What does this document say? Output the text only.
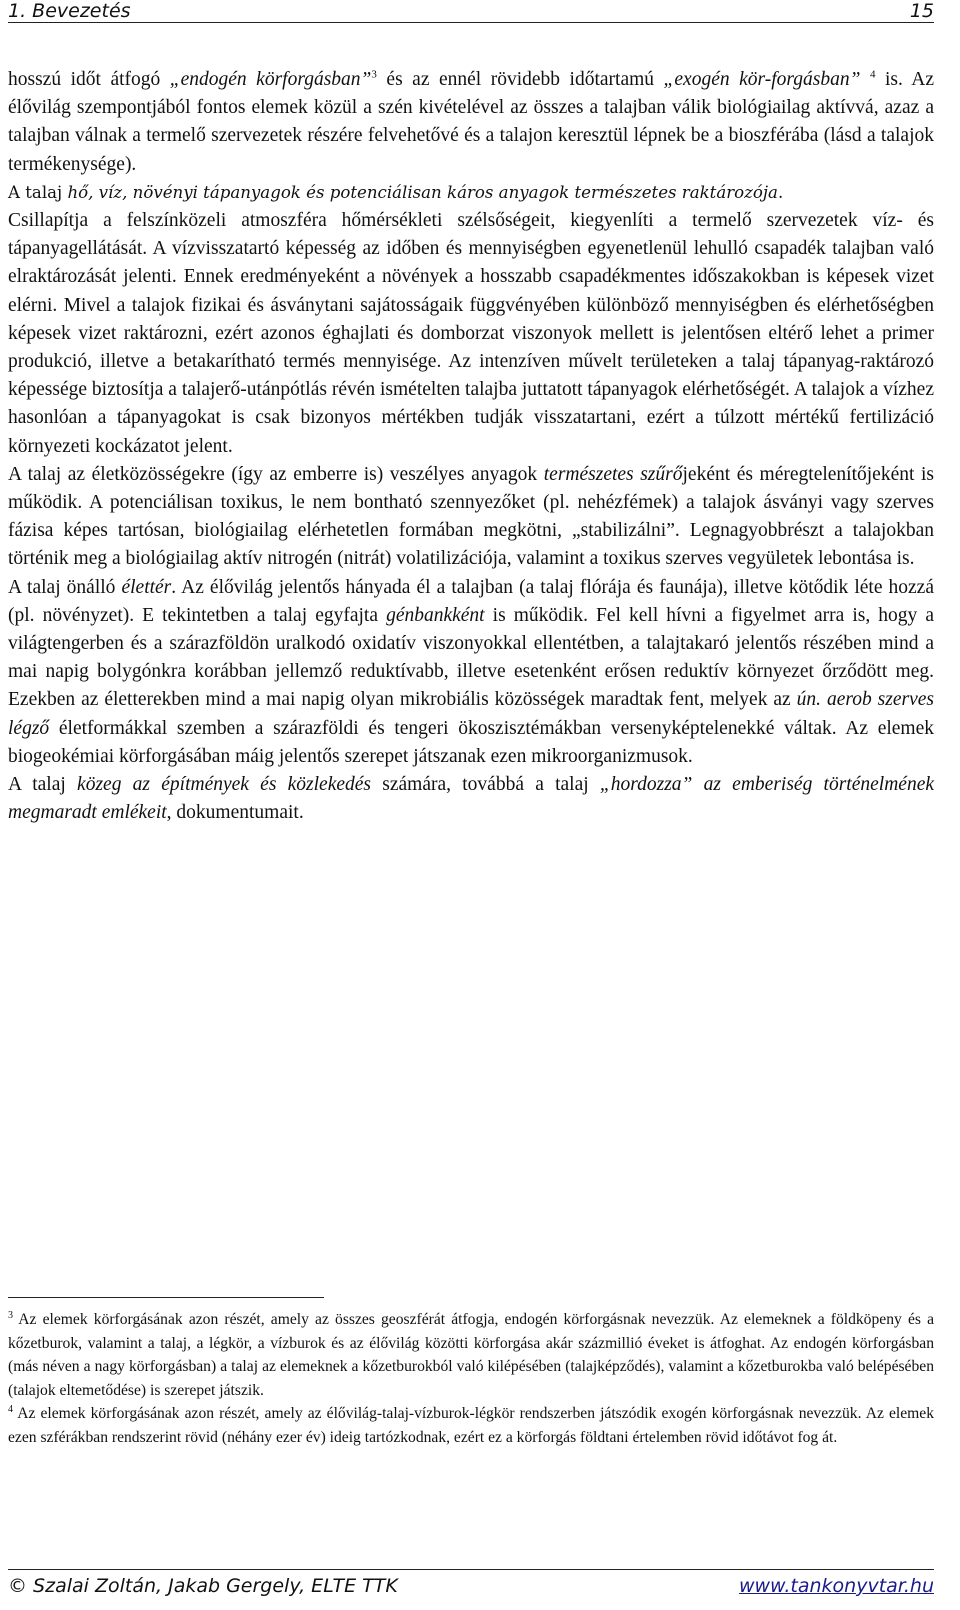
1. Bevezetés	15

hosszú időt átfogó „endogén körforgásban”$^3$ és az ennél rövidebb időtartamú „exogén kör-forgásban” $^4$ is. Az élővilág szempontjából fontos elemek közül a szén kivételével az összes a talajban válik biológiailag aktívvá, azaz a talajban válnak a termelő szervezetek részére felvehetővé és a talajon keresztül lépnek be a bioszférába (lásd a talajok termékenysége).

A talaj hő, víz, növényi tápanyagok és potenciálisan káros anyagok természetes raktározója.

Csillapítja a felszínközeli atmoszféra hőmérsékleti szélsőségeit, kiegyenlíti a termelő szervezetek víz- és tápanyagellátását. A vízvisszatartó képesség az időben és mennyiségben egyenetlenül lehulló csapadék talajban való elraktározását jelenti. Ennek eredményeként a növények a hosszabb csapadékmentes időszakokban is képesek vizet elérni. Mivel a talajok fizikai és ásványtani sajátosságaik függvényében különböző mennyiségben és elérhetőségben képesek vizet raktározni, ezért azonos éghajlati és domborzat viszonyok mellett is jelentősen eltérő lehet a primer produkció, illetve a betakarítható termés mennyisége. Az intenzíven művelt területeken a talaj tápanyag-raktározó képessége biztosítja a talajerő-utánpótlás révén ismételten talajba juttatott tápanyagok elérhetőségét. A talajok a vízhez hasonlóan a tápanyagokat is csak bizonyos mértékben tudják visszatartani, ezért a túlzott mértékű fertilizáció környezeti kockázatot jelent.

A talaj az életközösségekre (így az emberre is) veszélyes anyagok természetes szűrőjeként és méregtelenítőjeként is működik. A potenciálisan toxikus, le nem bontható szennyezőket (pl. nehézfémek) a talajok ásványi vagy szerves fázisa képes tartósan, biológiailag elérhetetlen formában megkötni, „stabilizálni”. Legnagyobbrészt a talajokban történik meg a biológiailag aktív nitrogén (nitrát) volatilizációja, valamint a toxikus szerves vegyületek lebontása is.

A talaj önálló élettér. Az élővilág jelentős hányada él a talajban (a talaj flórája és faunája), illetve kötődik léte hozzá (pl. növényzet). E tekintetben a talaj egyfajta génbankként is működik. Fel kell hívni a figyelmet arra is, hogy a világtengerben és a szárazföldön uralkodó oxidatív viszonyokkal ellentétben, a talajtakaró jelentős részében mind a mai napig bolygónkra korábban jellemző reduktívabb, illetve esetenként erősen reduktív környezet őrződött meg. Ezekben az életterekben mind a mai napig olyan mikrobiális közösségek maradtak fent, melyek az ún. aerob szerves légző életformákkal szemben a szárazföldi és tengeri ökoszisztémákban versenyképtelenekké váltak. Az elemek biogeokémiai körforgásában máig jelentős szerepet játszanak ezen mikroorganizmusok.

A talaj közeg az építmények és közlekedés számára, továbbá a talaj „hordozza” az emberiség történelmének megmaradt emlékeit, dokumentumait.

$^3$ Az elemek körforgásának azon részét, amely az összes geoszférát átfogja, endogén körforgásnak nevezzük. Az elemeknek a földköpeny és a kőzetburok, valamint a talaj, a légkör, a vízburok és az élővilág közötti körforgása akár százmillió éveket is átfoghat. Az endogén körforgásban (más néven a nagy körforgásban) a talaj az elemeknek a kőzetburokból való kilépésében (talajképződés), valamint a kőzetburokba való belépésében (talajok eltemetődése) is szerepet játszik.

$^4$ Az elemek körforgásának azon részét, amely az élővilág-talaj-vízburok-légkör rendszerben játszódik exogén körforgásnak nevezzük. Az elemek ezen szférákban rendszerint rövid (néhány ezer év) ideig tartózkodnak, ezért ez a körforgás földtani értelemben rövid időtávot fog át.

© Szalai Zoltán, Jakab Gergely, ELTE TTK	www.tankonyvtar.hu
